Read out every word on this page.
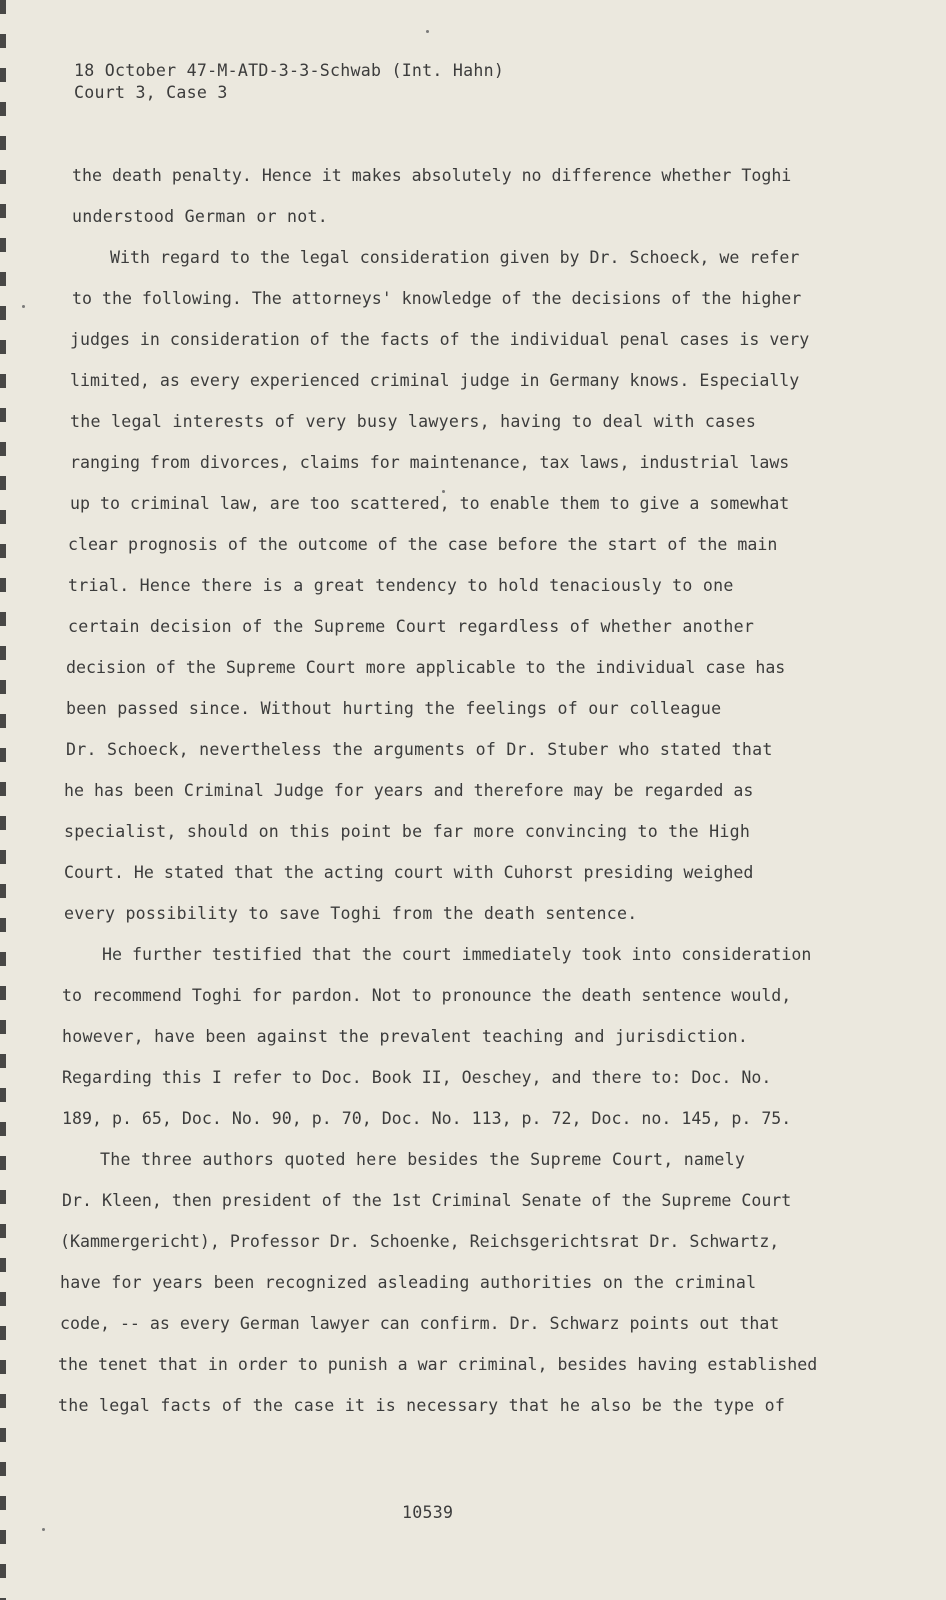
18 October 47-M-ATD-3-3-Schwab (Int. Hahn)
Court 3, Case 3
the death penalty. Hence it makes absolutely no difference whether Toghi
understood German or not.
With regard to the legal consideration given by Dr. Schoeck, we refer
to the following. The attorneys' knowledge of the decisions of the higher
judges in consideration of the facts of the individual penal cases is very
limited, as every experienced criminal judge in Germany knows. Especially
the legal interests of very busy lawyers, having to deal with cases
ranging from divorces, claims for maintenance, tax laws, industrial laws
up to criminal law, are too scattered, to enable them to give a somewhat
clear prognosis of the outcome of the case before the start of the main
trial. Hence there is a great tendency to hold tenaciously to one
certain decision of the Supreme Court regardless of whether another
decision of the Supreme Court more applicable to the individual case has
been passed since. Without hurting the feelings of our colleague
Dr. Schoeck, nevertheless the arguments of Dr. Stuber who stated that
he has been Criminal Judge for years and therefore may be regarded as
specialist, should on this point be far more convincing to the High
Court. He stated that the acting court with Cuhorst presiding weighed
every possibility to save Toghi from the death sentence.
He further testified that the court immediately took into consideration
to recommend Toghi for pardon. Not to pronounce the death sentence would,
however, have been against the prevalent teaching and jurisdiction.
Regarding this I refer to Doc. Book II, Oeschey, and there to: Doc. No.
189, p. 65, Doc. No. 90, p. 70, Doc. No. 113, p. 72, Doc. no. 145, p. 75.
The three authors quoted here besides the Supreme Court, namely
Dr. Kleen, then president of the 1st Criminal Senate of the Supreme Court
(Kammergericht), Professor Dr. Schoenke, Reichsgerichtsrat Dr. Schwartz,
have for years been recognized asleading authorities on the criminal
code, -- as every German lawyer can confirm. Dr. Schwarz points out that
the tenet that in order to punish a war criminal, besides having established
the legal facts of the case it is necessary that he also be the type of
10539
